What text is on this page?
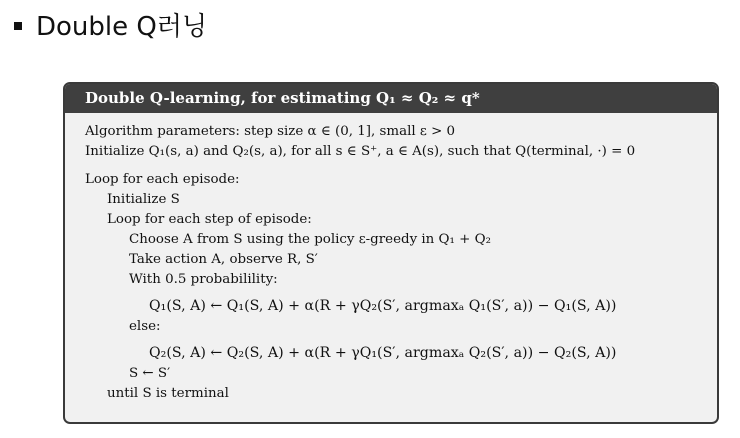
Double Q러닝
Double Q-learning, for estimating Q₁ ≈ Q₂ ≈ q*
Algorithm parameters: step size α ∈ (0, 1], small ε > 0
Initialize Q₁(s, a) and Q₂(s, a), for all s ∈ S⁺, a ∈ A(s), such that Q(terminal, ·) = 0
Loop for each episode:
Initialize S
Loop for each step of episode:
Choose A from S using the policy ε-greedy in Q₁ + Q₂
Take action A, observe R, S′
With 0.5 probabilility:
Q₁(S, A) ← Q₁(S, A) + α(R + γQ₂(S′, argmaxₐ Q₁(S′, a)) − Q₁(S, A))
else:
Q₂(S, A) ← Q₂(S, A) + α(R + γQ₁(S′, argmaxₐ Q₂(S′, a)) − Q₂(S, A))
S ← S′
until S is terminal
